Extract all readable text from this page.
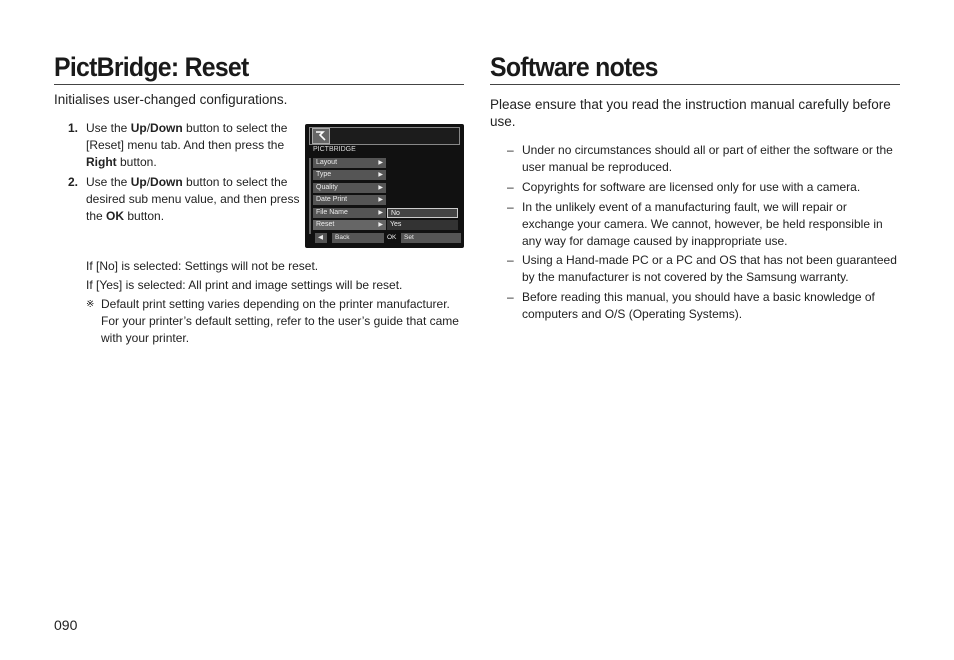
PictBridge: Reset
Initialises user-changed configurations.
1. Use the Up/Down button to select the [Reset] menu tab. And then press the Right button.
2. Use the Up/Down button to select the desired sub menu value, and then press the OK button.
PICTBRIDGE
Layout	▶
Type	▶
Quality	▶
Date Print	▶
File Name	▶
Reset	▶
No
Yes
◀	Back	OK	Set
If [No] is selected: Settings will not be reset.
If [Yes] is selected: All print and image settings will be reset.
※ Default print setting varies depending on the printer manufacturer. For your printer’s default setting, refer to the user’s guide that came with your printer.
Software notes
Please ensure that you read the instruction manual carefully before use.
– Under no circumstances should all or part of either the software or the user manual be reproduced.
– Copyrights for software are licensed only for use with a camera.
– In the unlikely event of a manufacturing fault, we will repair or exchange your camera. We cannot, however, be held responsible in any way for damage caused by inappropriate use.
– Using a Hand-made PC or a PC and OS that has not been guaranteed by the manufacturer is not covered by the Samsung warranty.
– Before reading this manual, you should have a basic knowledge of computers and O/S (Operating Systems).
090
